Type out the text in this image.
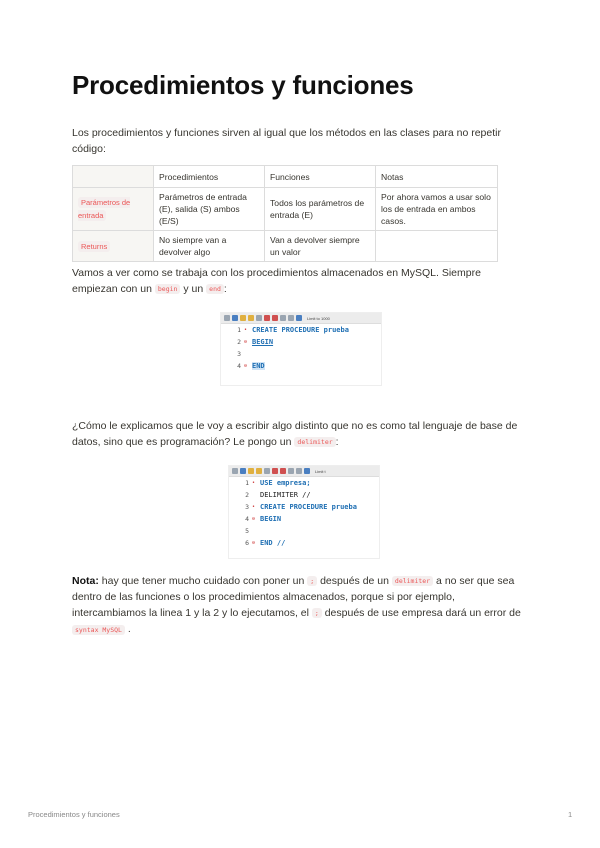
Procedimientos y funciones

Los procedimientos y funciones sirven al igual que los métodos en las clases para no repetir código:

	Procedimientos	Funciones	Notas
Parámetros de entrada	Parámetros de entrada (E), salida (S) ambos (E/S)	Todos los parámetros de entrada (E)	Por ahora vamos a usar solo los de entrada en ambos casos.
Returns	No siempre van a devolver algo	Van a devolver siempre un valor	

Vamos a ver como se trabaja con los procedimientos almacenados en MySQL. Siempre empiezan con un begin y un end :

Limit to 1000
1 • CREATE PROCEDURE prueba
2 ⊖ BEGIN
3
4 ⊖ END

¿Cómo le explicamos que le voy a escribir algo distinto que no es como tal lenguaje de base de datos, sino que es programación? Le pongo un delimiter :

Limit t
1 • USE empresa;
2	DELIMITER //
3 • CREATE PROCEDURE prueba
4 ⊖ BEGIN
5
6 ⊖ END //

Nota: hay que tener mucho cuidado con poner un ; después de un delimiter a no ser que sea dentro de las funciones o los procedimientos almacenados, porque si por ejemplo, intercambiamos la linea 1 y la 2 y lo ejecutamos, el ; después de use empresa dará un error de syntax MySQL .

Procedimientos y funciones	1
